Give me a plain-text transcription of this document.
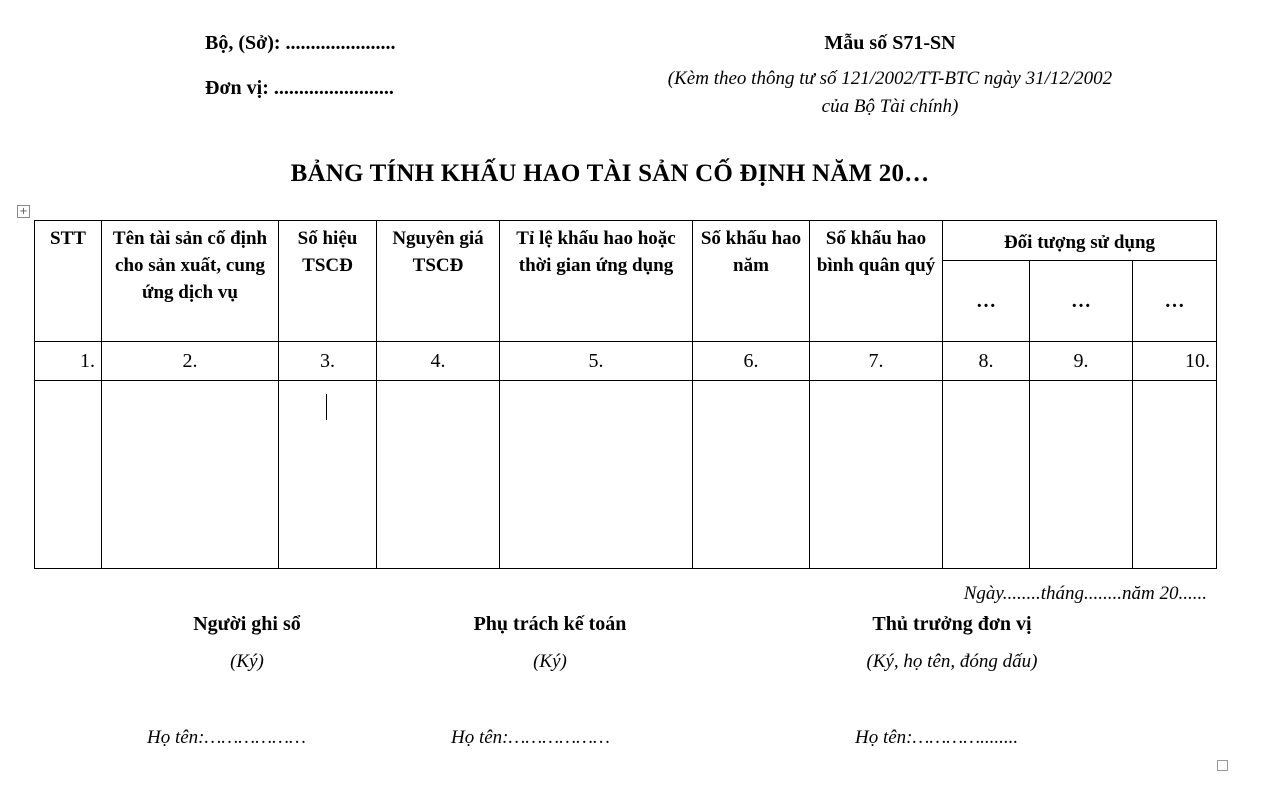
Bộ, (Sở): ......................
Đơn vị: ........................
Mẫu số S71-SN
(Kèm theo thông tư số 121/2002/TT-BTC ngày 31/12/2002
của Bộ Tài chính)
BẢNG TÍNH KHẤU HAO TÀI SẢN CỐ ĐỊNH NĂM 20…
+
STT	Tên tài sản cố định cho sản xuất, cung ứng dịch vụ	Số hiệu TSCĐ	Nguyên giá TSCĐ	Tỉ lệ khấu hao hoặc thời gian ứng dụng	Số khấu hao năm	Số khấu hao bình quân quý	Đối tượng sử dụng		
							…	…	…
1.	2.	3.	4.	5.	6.	7.	8.	9.	10.

Ngày........tháng........năm 20......
Người ghi sổ
(Ký)
Họ tên:………………
Phụ trách kế toán
(Ký)
Họ tên:………………
Thủ trưởng đơn vị
(Ký, họ tên, đóng dấu)
Họ tên:…………........
